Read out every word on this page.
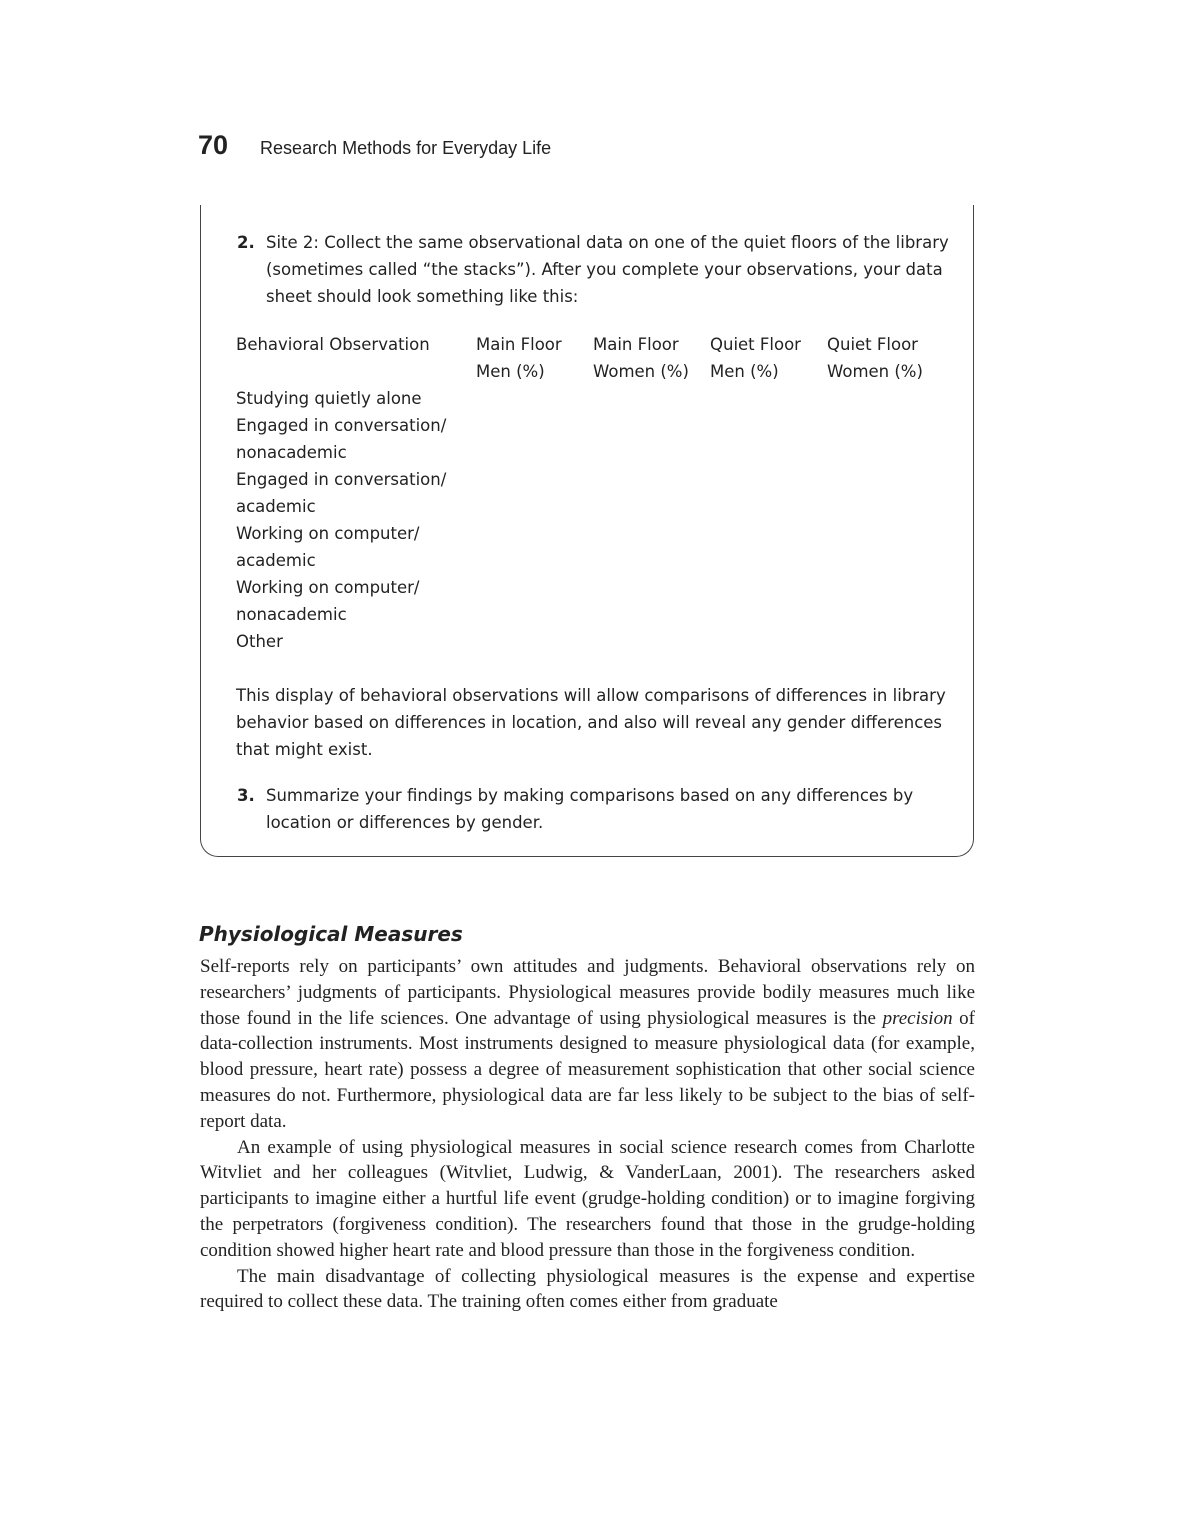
70 Research Methods for Everyday Life
2. Site 2: Collect the same observational data on one of the quiet floors of the library (sometimes called “the stacks”). After you complete your observations, your data sheet should look something like this:
Behavioral Observation	Main Floor
Men (%)
Main Floor
Women (%)
Quiet Floor
Men (%)
Quiet Floor
Women (%)
Studying quietly alone
Engaged in conversation/ nonacademic
Engaged in conversation/ academic
Working on computer/ academic
Working on computer/ nonacademic
Other
This display of behavioral observations will allow comparisons of differences in library behavior based on differences in location, and also will reveal any gender differences that might exist.
3. Summarize your findings by making comparisons based on any differences by location or differences by gender.
Physiological Measures

Self-reports rely on participants’ own attitudes and judgments. Behavioral observations rely on researchers’ judgments of participants. Physiological measures provide bodily measures much like those found in the life sciences. One advantage of using physiological measures is the precision of data-collection instruments. Most instruments designed to measure physiological data (for example, blood pressure, heart rate) possess a degree of measurement sophistication that other social science measures do not. Furthermore, physiological data are far less likely to be subject to the bias of self-report data.

An example of using physiological measures in social science research comes from Charlotte Witvliet and her colleagues (Witvliet, Ludwig, & VanderLaan, 2001). The researchers asked participants to imagine either a hurtful life event (grudge-holding condition) or to imagine forgiving the perpetrators (forgiveness condition). The researchers found that those in the grudge-holding condition showed higher heart rate and blood pressure than those in the forgiveness condition.

The main disadvantage of collecting physiological measures is the expense and expertise required to collect these data. The training often comes either from graduate
